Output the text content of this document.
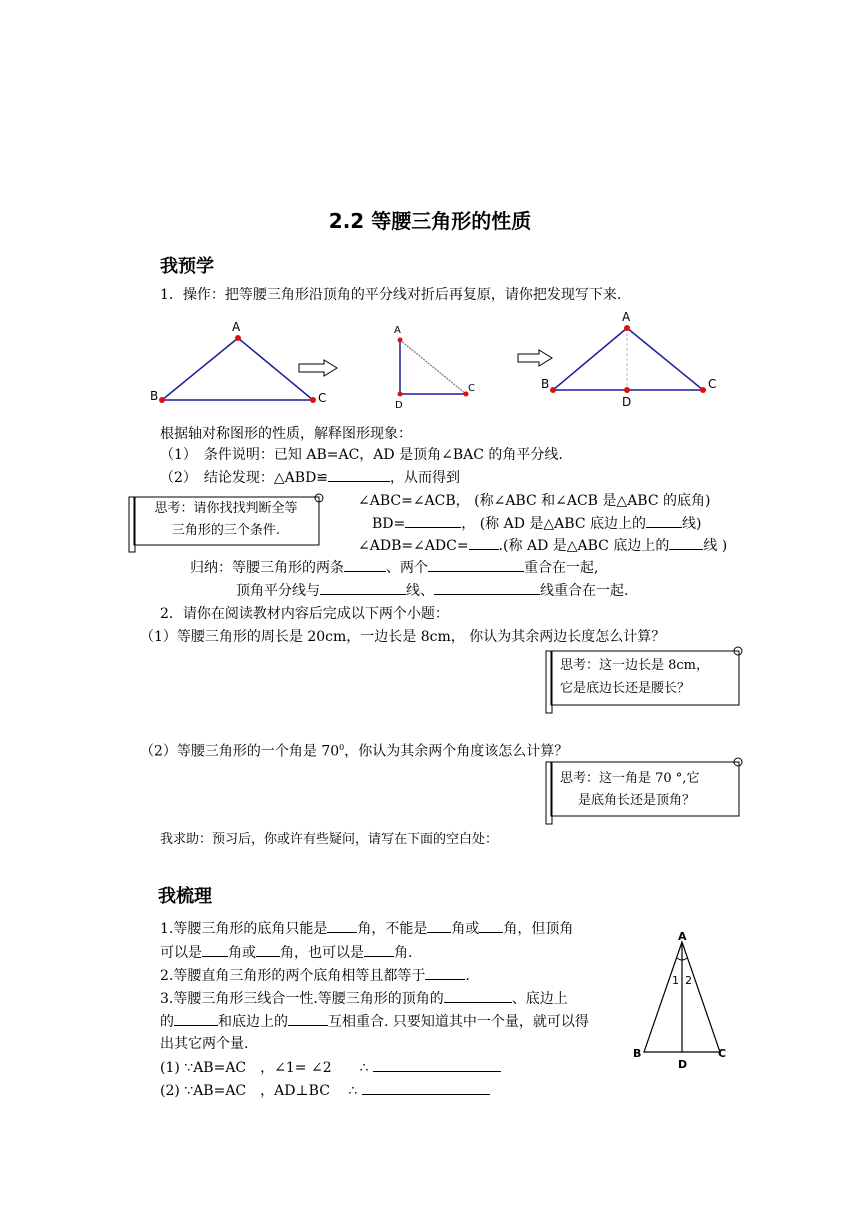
2.2 等腰三角形的性质
我预学
1．操作：把等腰三角形沿顶角的平分线对折后再复原，请你把发现写下来.
A
B	C
A
C
D
A
B	C
D
根据轴对称图形的性质，解释图形现象：
（1）　条件说明：已知 AB=AC，AD 是顶角∠BAC 的角平分线.
（2）　结论发现：△ABD≌	，从而得到
思考：请你找找判断全等
三角形的三个条件.
∠ABC=∠ACB， (称∠ABC 和∠ACB 是△ABC 的底角)
BD=	， (称 AD 是△ABC 底边上的	线)
∠ADB=∠ADC= .(称 AD 是△ABC 底边上的 线 )
归纳：等腰三角形的两条	、两个	重合在一起,
顶角平分线与	线、	线重合在一起.
2．请你在阅读教材内容后完成以下两个小题：
（1）等腰三角形的周长是 20cm，一边长是 8cm， 你认为其余两边长度怎么计算？
思考：这一边长是 8cm，
它是底边长还是腰长？
（2）等腰三角形的一个角是 $70^0$，你认为其余两个角度该怎么计算？
思考：这一角是 70 °,它
是底角长还是顶角？
我求助：预习后，你或许有些疑问，请写在下面的空白处：
我梳理
1.等腰三角形的底角只能是 角，不能是 角或 角，但顶角
可以是 角或 角，也可以是 角.
2.等腰直角三角形的两个底角相等且都等于	.
3.等腰三角形三线合一性.等腰三角形的顶角的	、底边上
的	和底边上的	互相重合. 只要知道其中一个量，就可以得
出其它两个量.
(1) ∵AB=AC　，∠1= ∠2　　∴
(2) ∵AB=AC　，AD⊥BC　 ∴
A
1 2
B	C
D
